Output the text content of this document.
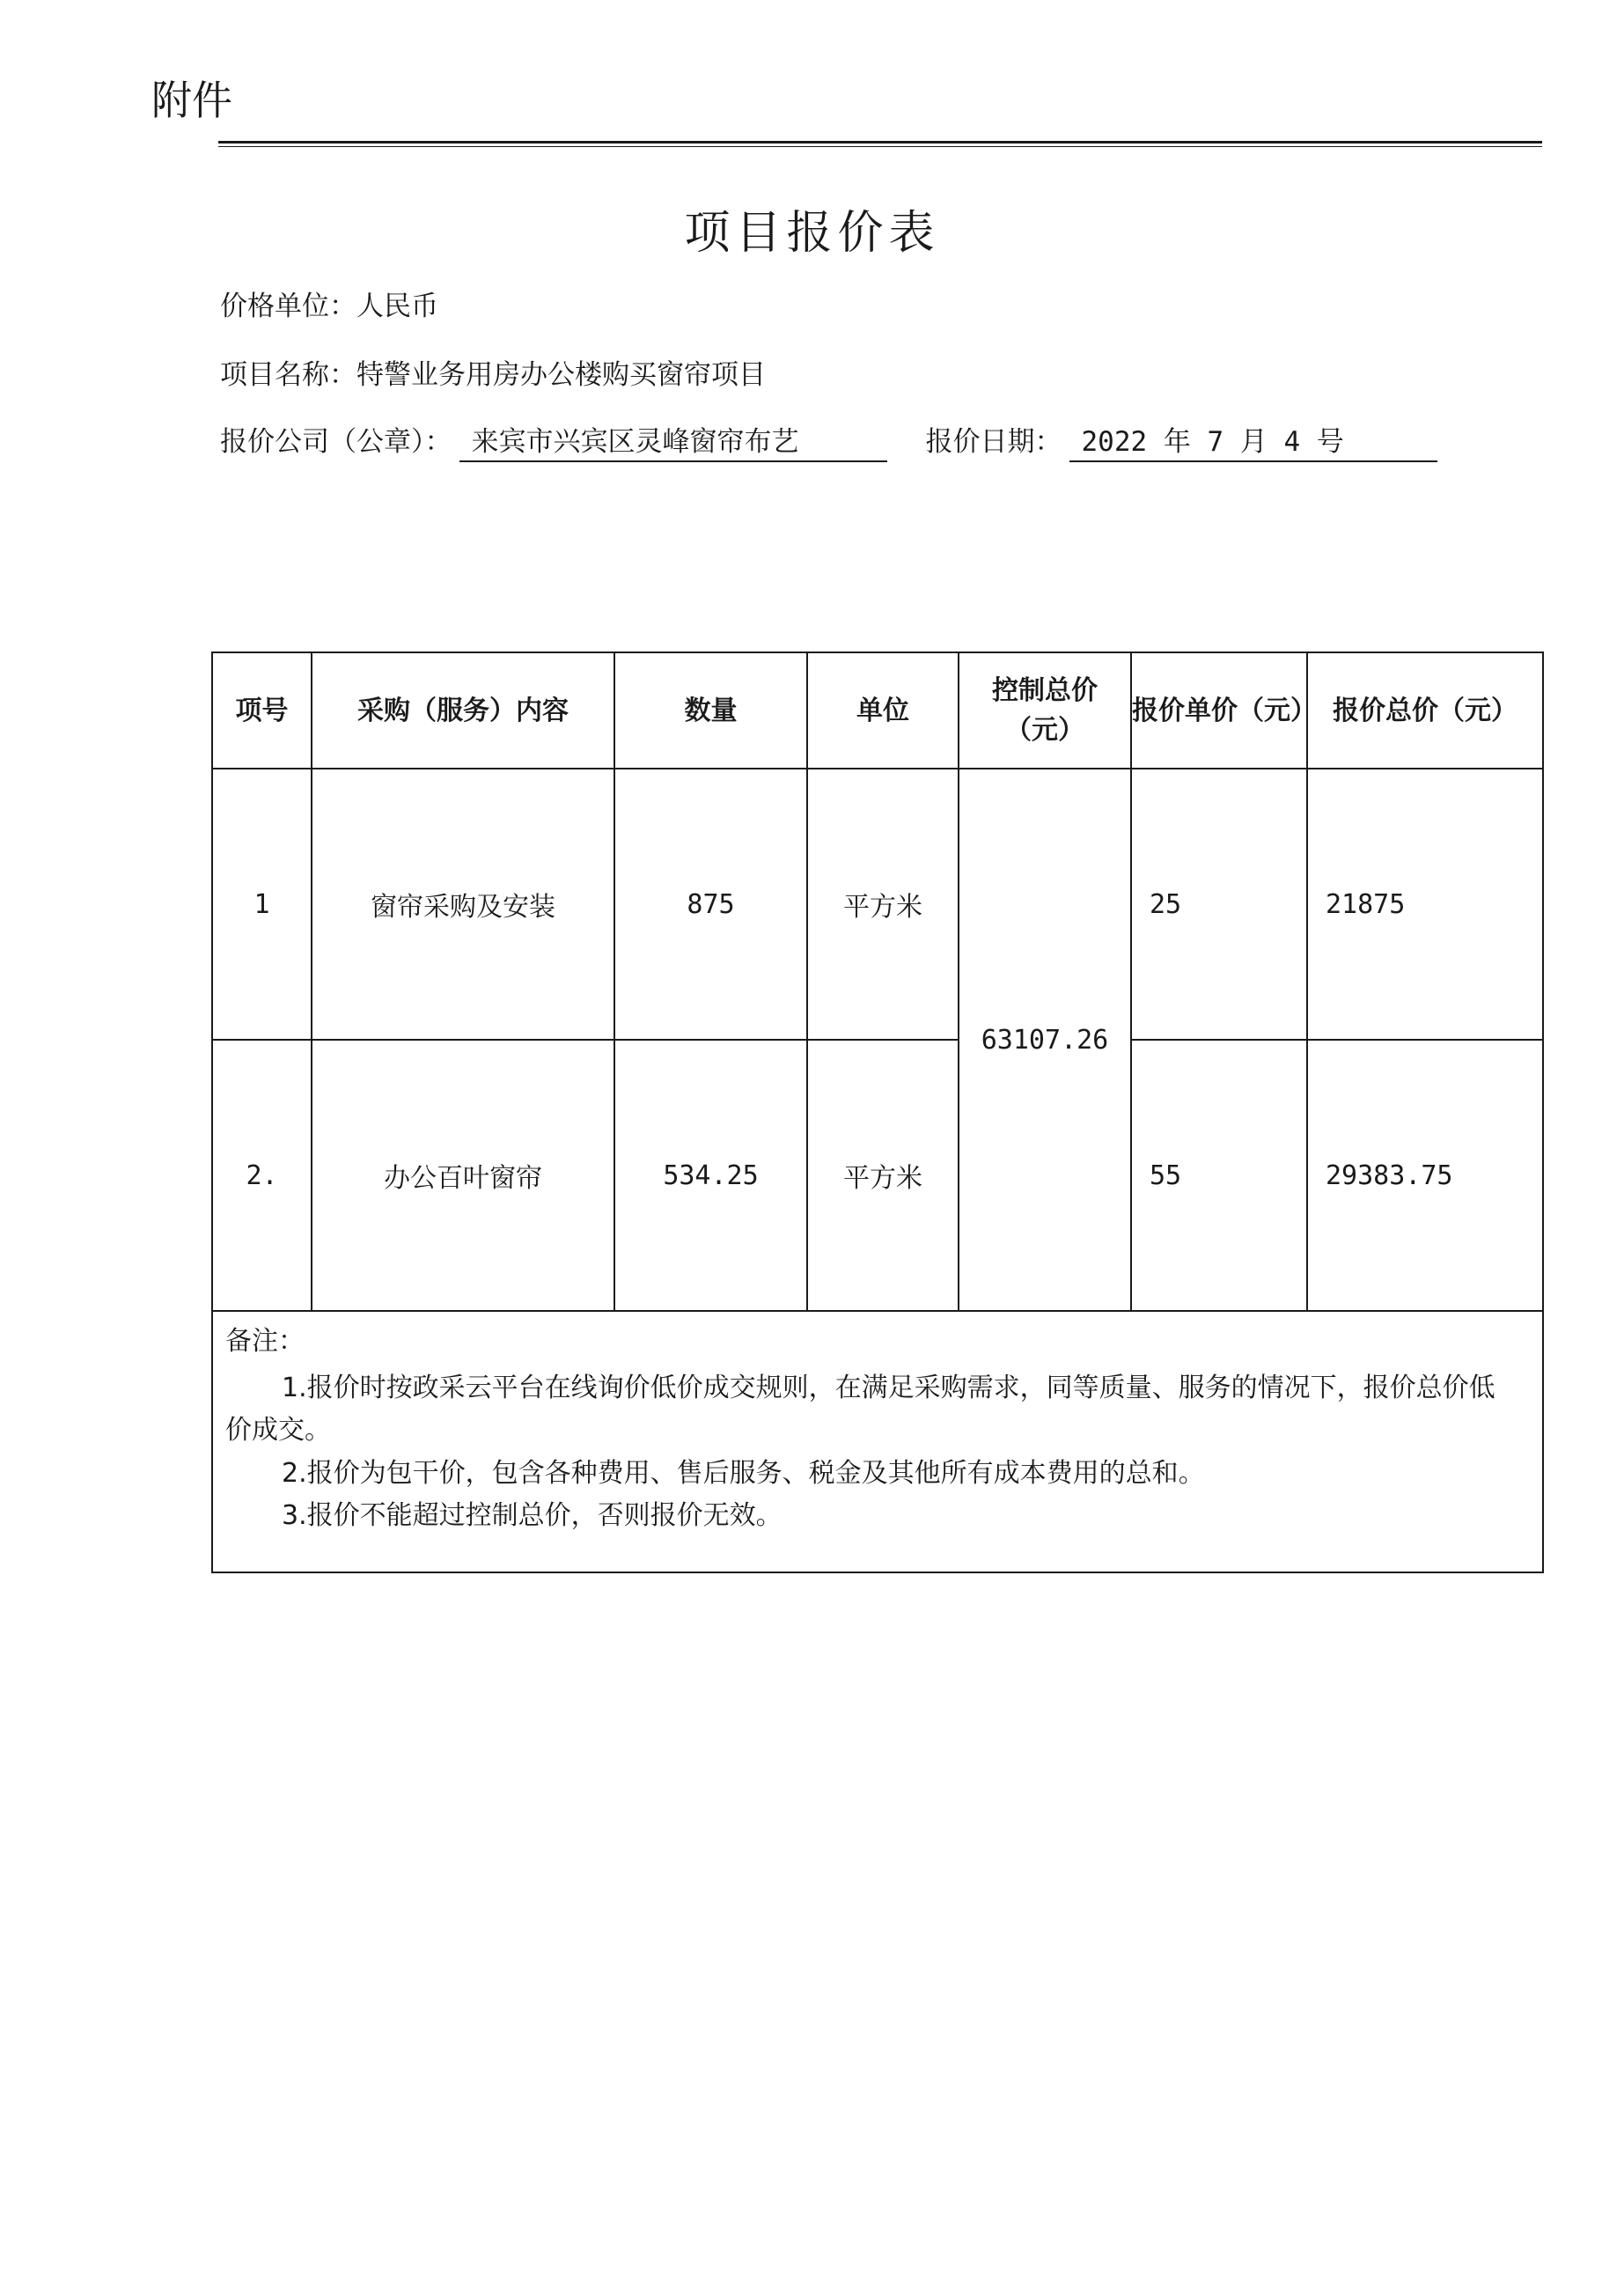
附件
项目报价表
价格单位：人民币
项目名称：特警业务用房办公楼购买窗帘项目
报价公司（公章）： 来宾市兴宾区灵峰窗帘布艺	报价日期： 2022 年 7 月 4 号
项号	采购（服务）内容	数量	单位	控制总价（元）	报价单价（元）	报价总价（元）
1	窗帘采购及安装	875	平方米	63107.26	25	21875
2.	办公百叶窗帘	534.25	平方米		55	29383.75

备注：
1.报价时按政采云平台在线询价低价成交规则，在满足采购需求，同等质量、服务的情况下，报价总价低价成交。
2.报价为包干价，包含各种费用、售后服务、税金及其他所有成本费用的总和。
3.报价不能超过控制总价，否则报价无效。						
